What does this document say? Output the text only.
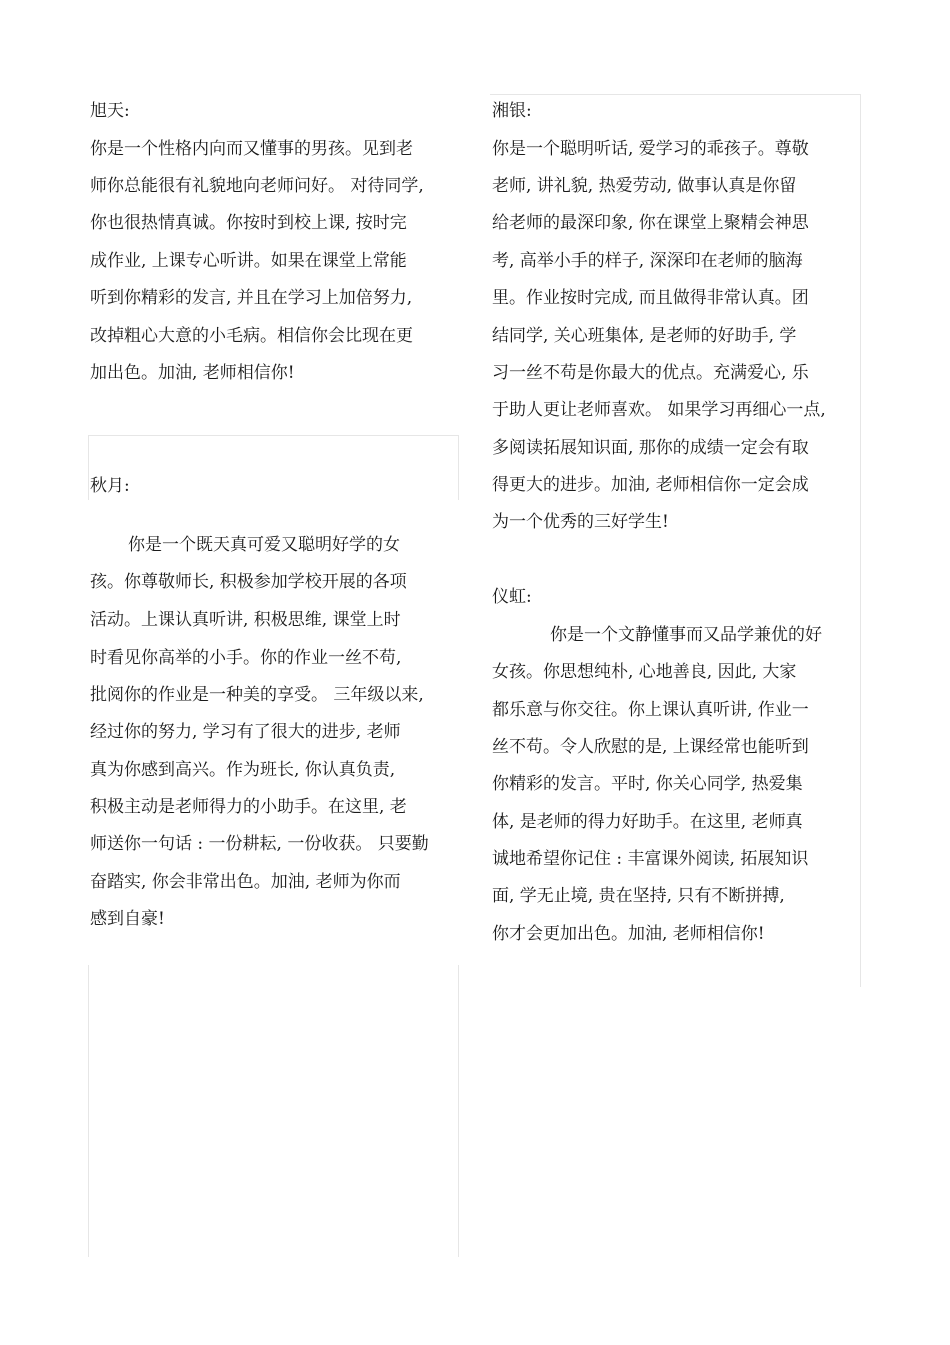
旭天:
你是一个性格内向而又懂事的男孩。见到老
师你总能很有礼貌地向老师问好。 对待同学,
你也很热情真诚。你按时到校上课, 按时完
成作业, 上课专心听讲。如果在课堂上常能
听到你精彩的发言, 并且在学习上加倍努力,
改掉粗心大意的小毛病。相信你会比现在更
加出色。加油, 老师相信你!
秋月:
你是一个既天真可爱又聪明好学的女
孩。你尊敬师长, 积极参加学校开展的各项
活动。上课认真听讲, 积极思维, 课堂上时
时看见你高举的小手。你的作业一丝不苟,
批阅你的作业是一种美的享受。 三年级以来,
经过你的努力, 学习有了很大的进步, 老师
真为你感到高兴。作为班长, 你认真负责,
积极主动是老师得力的小助手。在这里, 老
师送你一句话 : 一份耕耘, 一份收获。 只要勤
奋踏实, 你会非常出色。加油, 老师为你而
感到自豪!
湘银:
你是一个聪明听话, 爱学习的乖孩子。尊敬
老师, 讲礼貌, 热爱劳动, 做事认真是你留
给老师的最深印象, 你在课堂上聚精会神思
考, 高举小手的样子, 深深印在老师的脑海
里。作业按时完成, 而且做得非常认真。团
结同学, 关心班集体, 是老师的好助手, 学
习一丝不苟是你最大的优点。充满爱心, 乐
于助人更让老师喜欢。 如果学习再细心一点,
多阅读拓展知识面, 那你的成绩一定会有取
得更大的进步。加油, 老师相信你一定会成
为一个优秀的三好学生!
仪虹:
你是一个文静懂事而又品学兼优的好
女孩。你思想纯朴, 心地善良, 因此, 大家
都乐意与你交往。你上课认真听讲, 作业一
丝不苟。令人欣慰的是, 上课经常也能听到
你精彩的发言。平时, 你关心同学, 热爱集
体, 是老师的得力好助手。在这里, 老师真
诚地希望你记住 : 丰富课外阅读, 拓展知识
面, 学无止境, 贵在坚持, 只有不断拼搏,
你才会更加出色。加油, 老师相信你!
